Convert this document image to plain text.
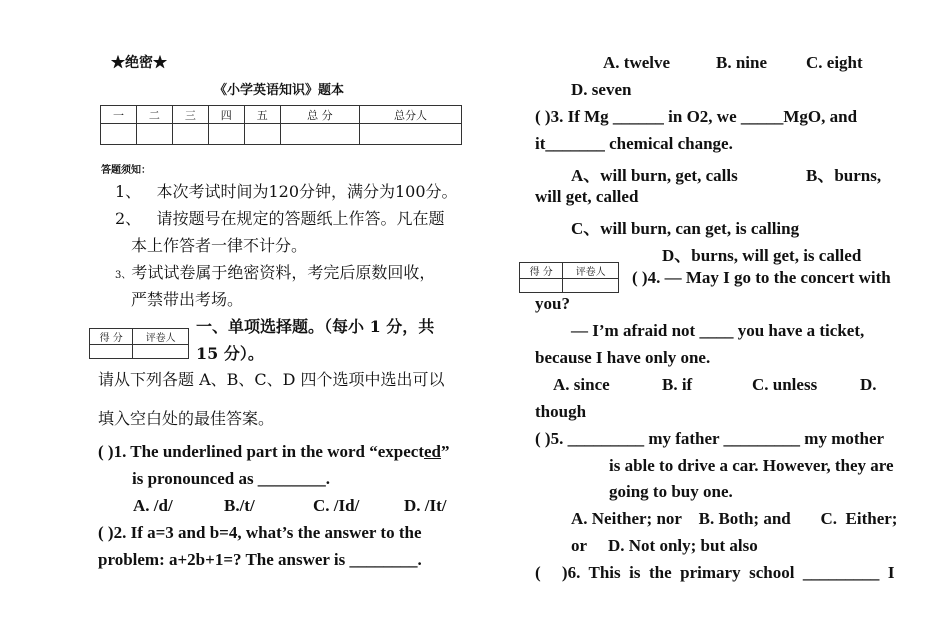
★绝密★
《小学英语知识》题本
一	二	三	四	五	总 分	总分人

答题须知：
1、 本次考试时间为120分钟，满分为100分。
2、 请按题号在规定的答题纸上作答。凡在题
本上作答者一律不计分。
3、考试试卷属于绝密资料，考完后原数回收，
严禁带出考场。
得 分	评卷人

一、单项选择题。（每小 1 分，共
15 分）。
请从下列各题 A、B、C、D 四个选项中选出可以
填入空白处的最佳答案。
( )1. The underlined part in the word “expected”
is pronounced as ________.
A. /d/	B./t/	C. /Id/	D. /It/
( )2. If a=3 and b=4, what’s the answer to the
problem: a+2b+1=? The answer is ________.
A. twelve	B. nine C. eight
D. seven
( )3. If Mg ______ in O2, we _____MgO, and
it_______ chemical change.
A、will burn, get, calls	B、burns,
will get, called
C、will burn, can get, is calling
D、burns, will get, is called
得 分	评卷人
	( )4. — May I go to the concert with
you?
— I’m afraid not ____ you have a ticket,
because I have only one.
A. since	B. if	C. unless	D.
though
( )5. _________ my father _________ my mother
is able to drive a car. However, they are
going to buy one.
A. Neither; nor    B. Both; and       C.  Either;
or     D. Not only; but also
(     )6.  This  is  the  primary  school  _________  I
